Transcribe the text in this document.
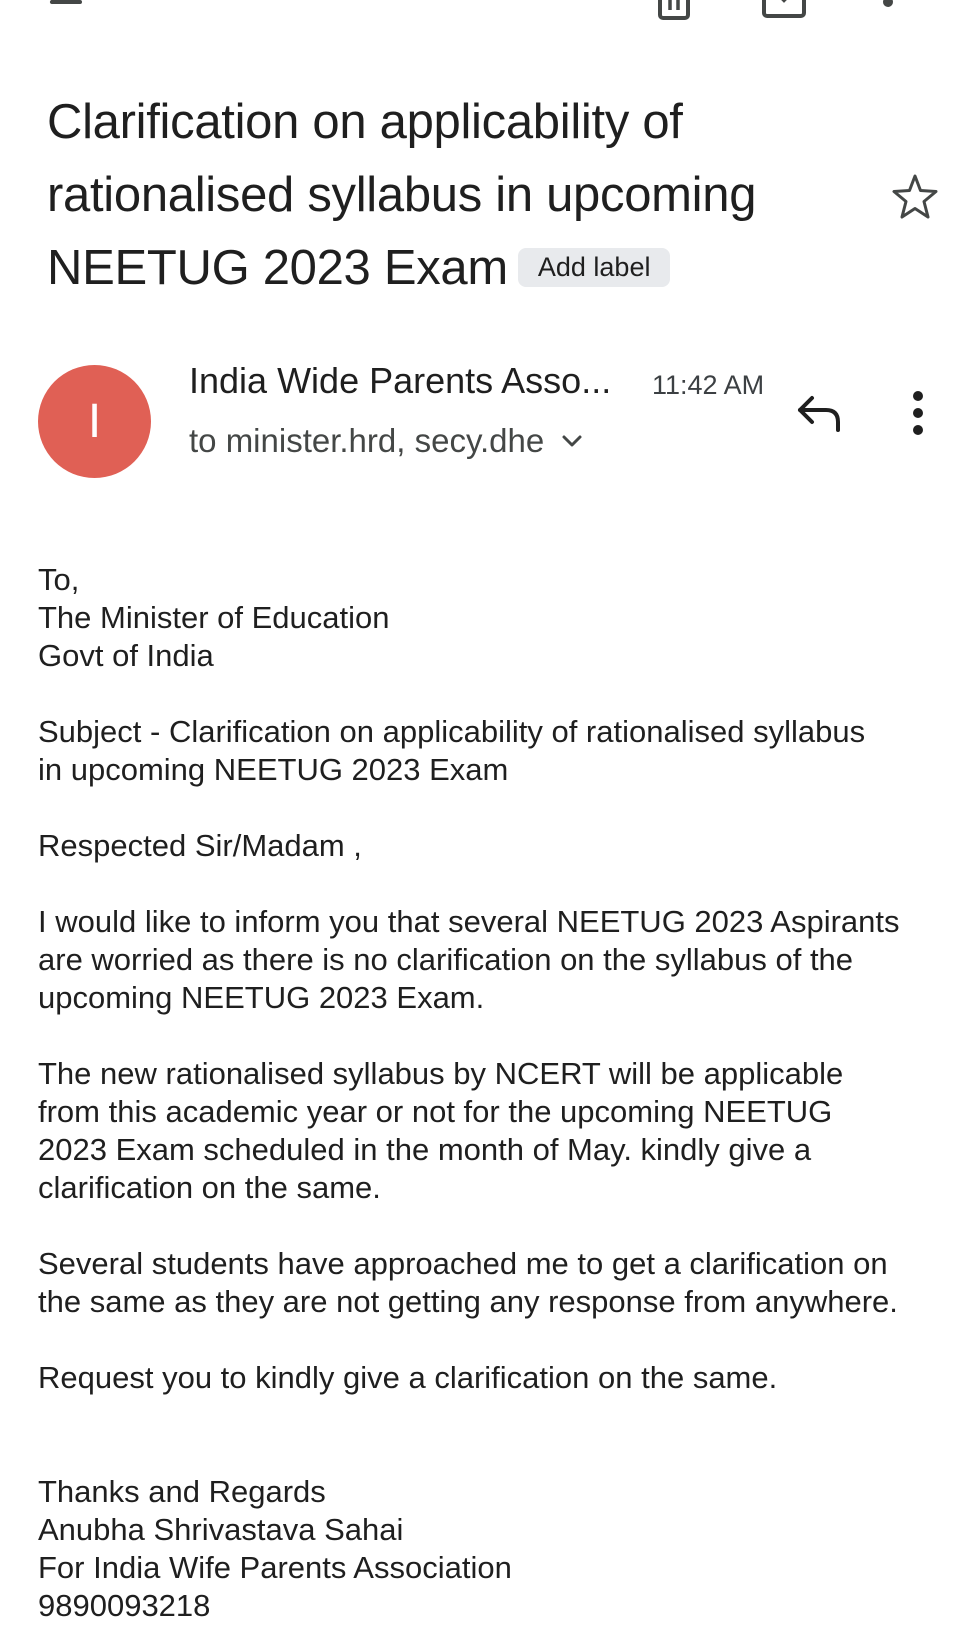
Clarification on applicability of rationalised syllabus in upcoming NEETUG 2023 Exam Add label
I
India Wide Parents Asso... 11:42 AM
to minister.hrd, secy.dhe
To,
The Minister of Education
Govt of India
Subject - Clarification on applicability of rationalised syllabus
in upcoming NEETUG 2023 Exam
Respected Sir/Madam ,
I would like to inform you that several NEETUG 2023 Aspirants
are worried as there is no clarification on the syllabus of the
upcoming NEETUG 2023 Exam.
The new rationalised syllabus by NCERT will be applicable
from this academic year or not for the upcoming NEETUG
2023 Exam scheduled in the month of May. kindly give a
clarification on the same.
Several students have approached me to get a clarification on
the same as they are not getting any response from anywhere.
Request you to kindly give a clarification on the same.
Thanks and Regards
Anubha Shrivastava Sahai
For India Wife Parents Association
9890093218
